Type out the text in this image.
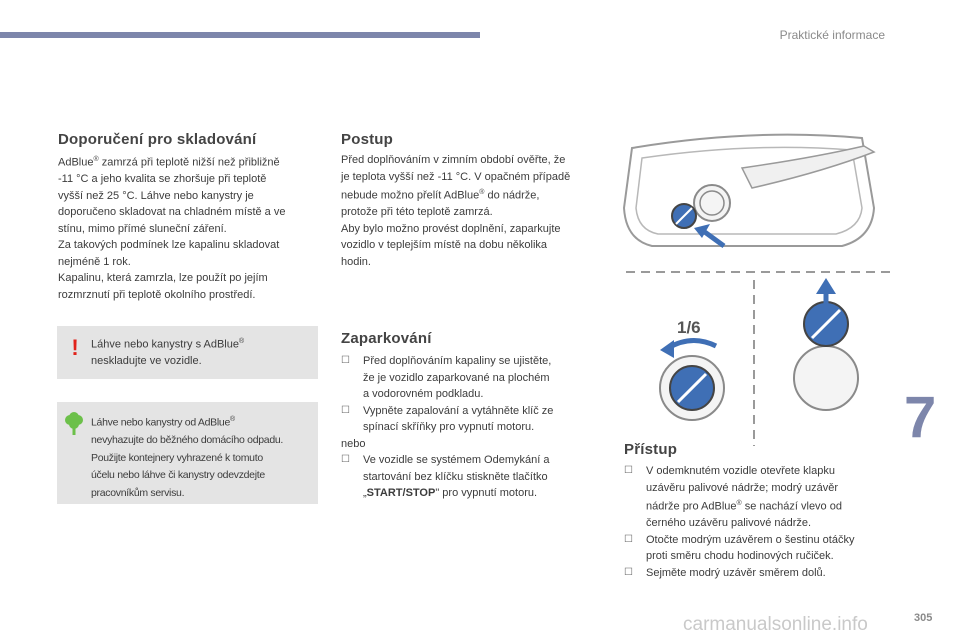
Praktické informace
Doporučení pro skladování
AdBlue® zamrzá při teplotě nižší než přibližně
-11 °C a jeho kvalita se zhoršuje při teplotě
vyšší než 25 °C. Láhve nebo kanystry je
doporučeno skladovat na chladném místě a ve
stínu, mimo přímé sluneční záření.
Za takových podmínek lze kapalinu skladovat
nejméně 1 rok.
Kapalinu, která zamrzla, lze použít po jejím
rozmrznutí při teplotě okolního prostředí.
! Láhve nebo kanystry s AdBlue®
neskladujte ve vozidle.
Láhve nebo kanystry od AdBlue®
nevyhazujte do běžného domácího odpadu.
Použijte kontejnery vyhrazené k tomuto
účelu nebo láhve či kanystry odevzdejte
pracovníkům servisu.
Postup
Před doplňováním v zimním období ověřte, že
je teplota vyšší než -11 °C. V opačném případě
nebude možno přelít AdBlue® do nádrže,
protože při této teplotě zamrzá.
Aby bylo možno provést doplnění, zaparkujte
vozidlo v teplejším místě na dobu několika
hodin.
Zaparkování
☐ Před doplňováním kapaliny se ujistěte,
že je vozidlo zaparkované na plochém
a vodorovném podkladu.
☐ Vypněte zapalování a vytáhněte klíč ze
spínací skříňky pro vypnutí motoru.
nebo
☐ Ve vozidle se systémem Odemykání a
startování bez klíčku stiskněte tlačítko
„START/STOP" pro vypnutí motoru.
1/6
Přístup
☐ V odemknutém vozidle otevřete klapku
uzávěru palivové nádrže; modrý uzávěr
nádrže pro AdBlue® se nachází vlevo od
černého uzávěru palivové nádrže.
☐ Otočte modrým uzávěrem o šestinu otáčky
proti směru chodu hodinových ručiček.
☐ Sejměte modrý uzávěr směrem dolů.
7
carmanualsonline.info	305
